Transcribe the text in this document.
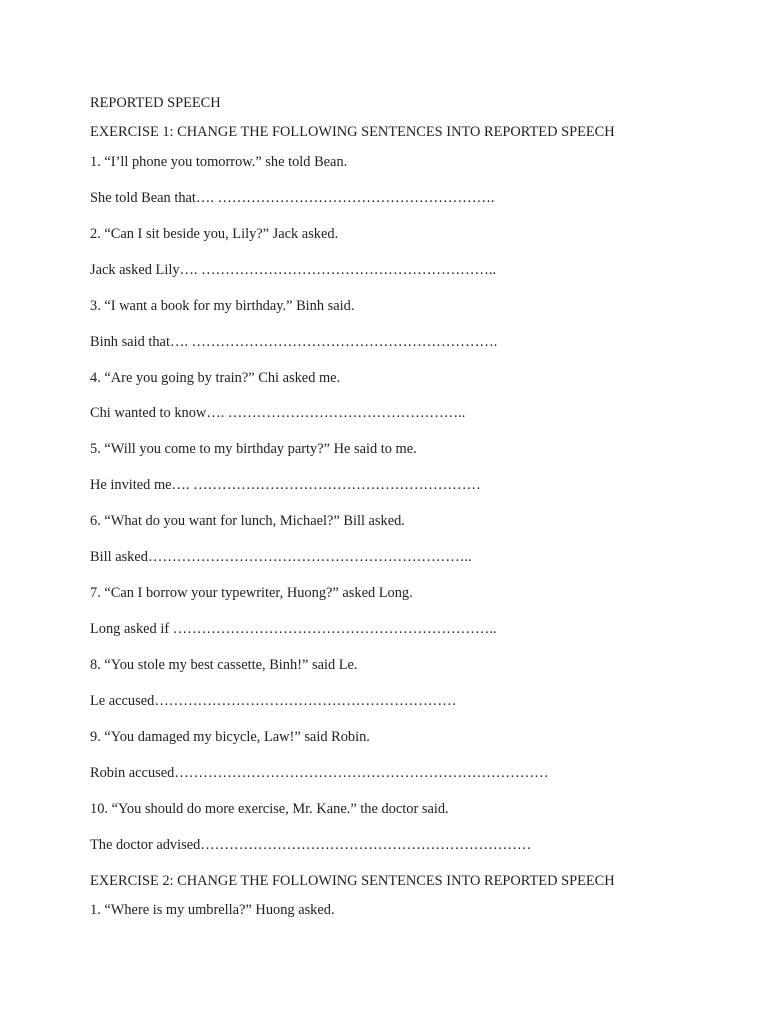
REPORTED SPEECH

EXERCISE 1: CHANGE THE FOLLOWING SENTENCES INTO REPORTED SPEECH

1. “I’ll phone you tomorrow.” she told Bean.

She told Bean that…. ………………………………………………….

2. “Can I sit beside you, Lily?” Jack asked.

Jack asked Lily…. ……………………………………………………..

3. “I want a book for my birthday.” Binh said.

Binh said that…. ……………………………………………………….

4. “Are you going by train?” Chi asked me.

Chi wanted to know…. …………………………………………..

5. “Will you come to my birthday party?” He said to me.

He invited me…. ……………………………………………………

6. “What do you want for lunch, Michael?” Bill asked.

Bill asked…………………………………………………………..

7. “Can I borrow your typewriter, Huong?” asked Long.

Long asked if …………………………………………………………..

8. “You stole my best cassette, Binh!” said Le.

Le accused………………………………………………………

9. “You damaged my bicycle, Law!” said Robin.

Robin accused……………………………………………………………………

10. “You should do more exercise, Mr. Kane.” the doctor said.

The doctor advised……………………………………………………………

EXERCISE 2: CHANGE THE FOLLOWING SENTENCES INTO REPORTED SPEECH

1. “Where is my umbrella?” Huong asked.
